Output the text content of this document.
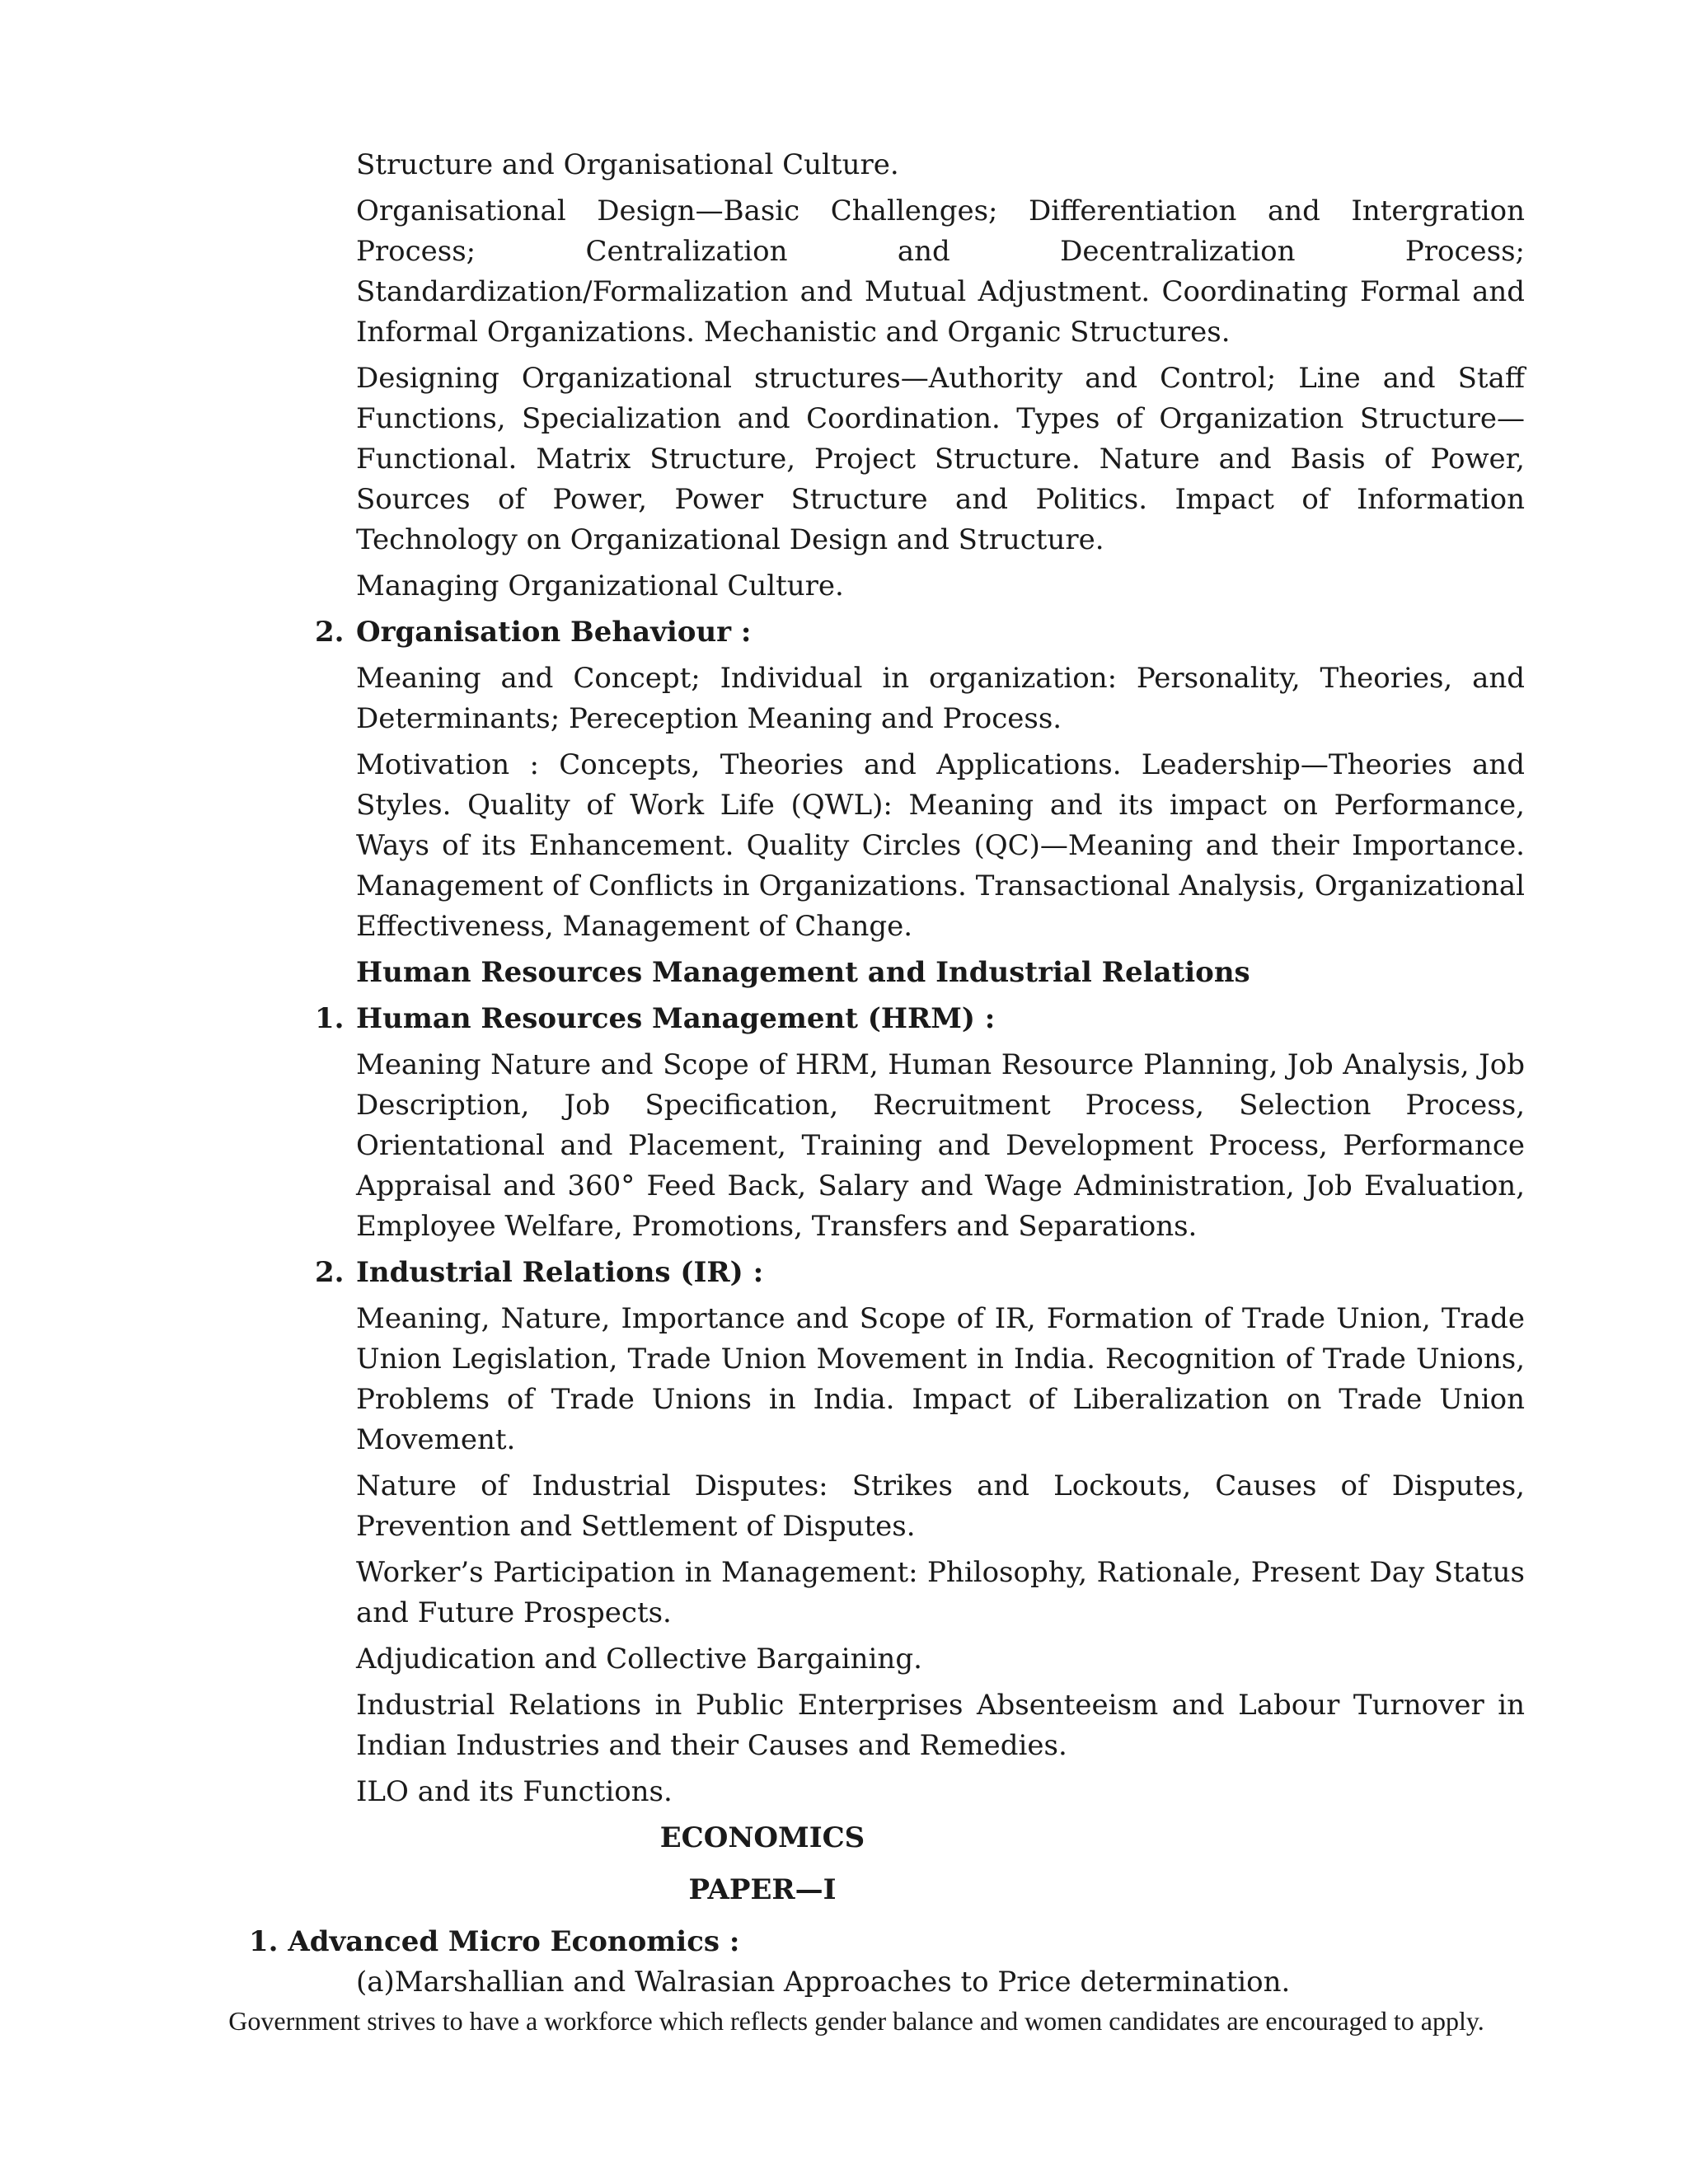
Structure and Organisational Culture.

Organisational Design—Basic Challenges; Differentiation and Intergration Process; Centralization and Decentralization Process; Standardization/Formalization and Mutual Adjustment. Coordinating Formal and Informal Organizations. Mechanistic and Organic Structures.

Designing Organizational structures—Authority and Control; Line and Staff Functions, Specialization and Coordination. Types of Organization Structure—Functional. Matrix Structure, Project Structure. Nature and Basis of Power, Sources of Power, Power Structure and Politics. Impact of Information Technology on Organizational Design and Structure.

Managing Organizational Culture.

2. Organisation Behaviour :

Meaning and Concept; Individual in organization: Personality, Theories, and Determinants; Pereception Meaning and Process.

Motivation : Concepts, Theories and Applications. Leadership—Theories and Styles. Quality of Work Life (QWL): Meaning and its impact on Performance, Ways of its Enhancement. Quality Circles (QC)—Meaning and their Importance. Management of Conflicts in Organizations. Transactional Analysis, Organizational Effectiveness, Management of Change.

Human Resources Management and Industrial Relations
1. Human Resources Management (HRM) :

Meaning Nature and Scope of HRM, Human Resource Planning, Job Analysis, Job Description, Job Specification, Recruitment Process, Selection Process, Orientational and Placement, Training and Development Process, Performance Appraisal and 360° Feed Back, Salary and Wage Administration, Job Evaluation, Employee Welfare, Promotions, Transfers and Separations.

2. Industrial Relations (IR) :

Meaning, Nature, Importance and Scope of IR, Formation of Trade Union, Trade Union Legislation, Trade Union Movement in India. Recognition of Trade Unions, Problems of Trade Unions in India. Impact of Liberalization on Trade Union Movement.

Nature of Industrial Disputes: Strikes and Lockouts, Causes of Disputes, Prevention and Settlement of Disputes.

Worker’s Participation in Management: Philosophy, Rationale, Present Day Status and Future Prospects.

Adjudication and Collective Bargaining.

Industrial Relations in Public Enterprises Absenteeism and Labour Turnover in Indian Industries and their Causes and Remedies.

ILO and its Functions.

ECONOMICS
PAPER—I
1. Advanced Micro Economics :
(a) Marshallian and Walrasian Approaches to Price determination.
Government strives to have a workforce which reflects gender balance and women candidates are encouraged to apply.
